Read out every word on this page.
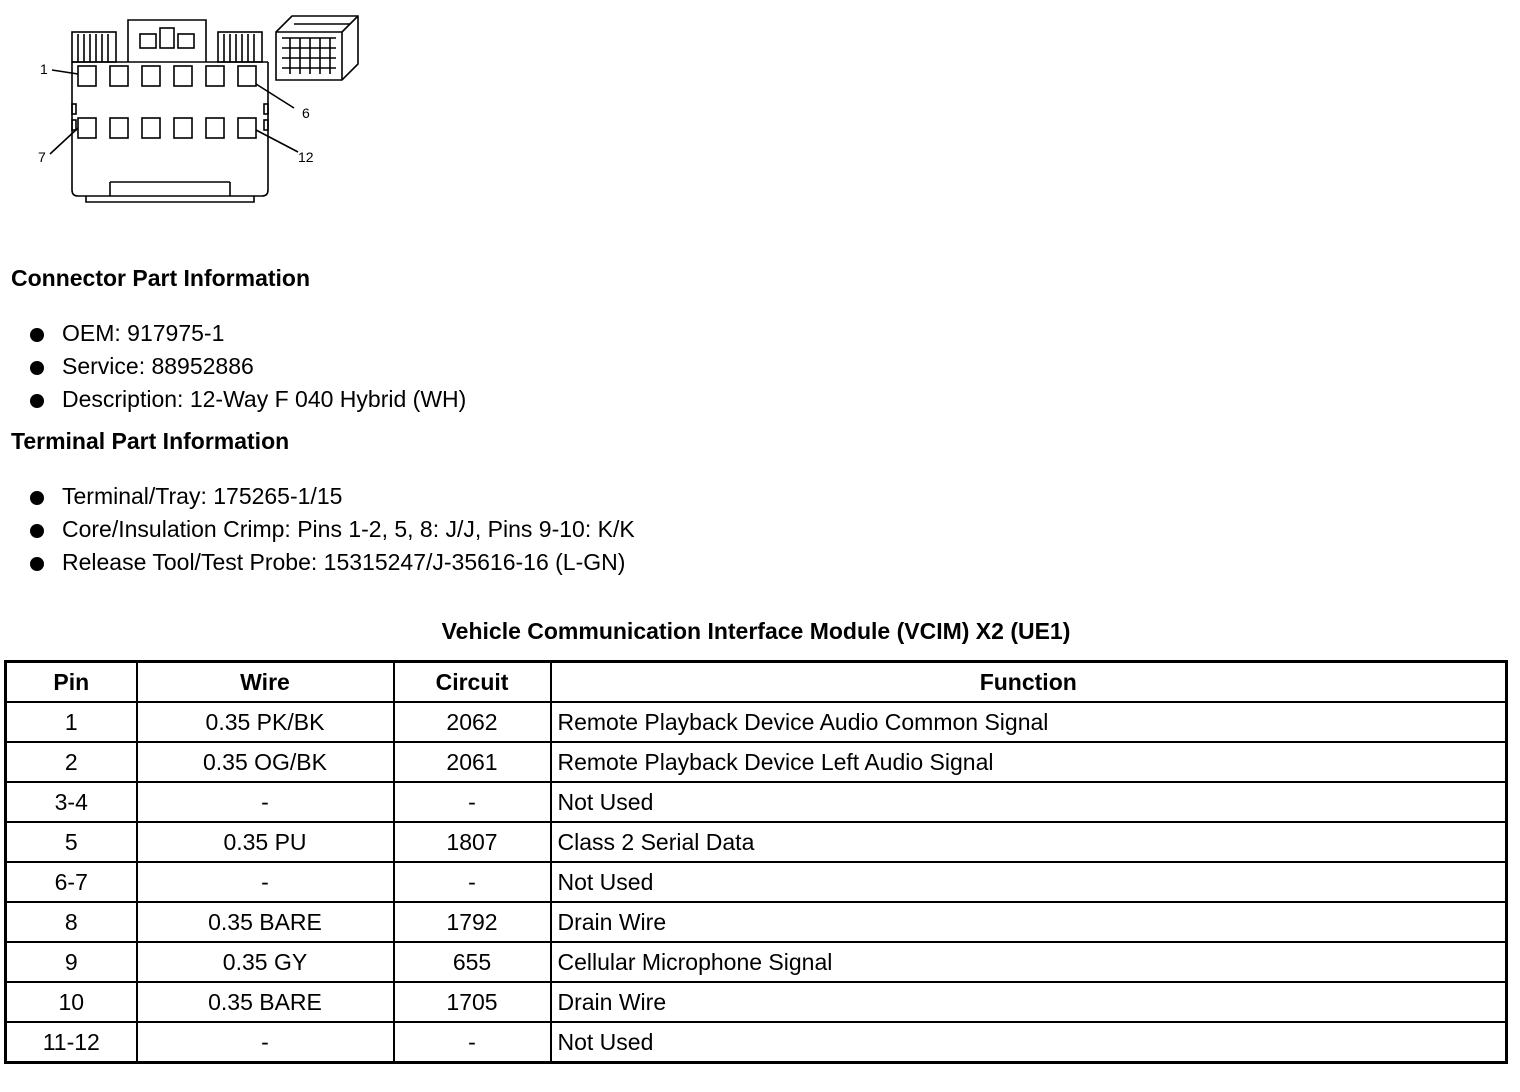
1
6
7	12
Connector Part Information
OEM: 917975-1
Service: 88952886
Description: 12-Way F 040 Hybrid (WH)
Terminal Part Information
Terminal/Tray: 175265-1/15
Core/Insulation Crimp: Pins 1-2, 5, 8: J/J, Pins 9-10: K/K
Release Tool/Test Probe: 15315247/J-35616-16 (L-GN)
Vehicle Communication Interface Module (VCIM) X2 (UE1)
Pin	Wire	Circuit	Function
1	0.35 PK/BK	2062	Remote Playback Device Audio Common Signal
2	0.35 OG/BK	2061	Remote Playback Device Left Audio Signal
3-4	-	-	Not Used
5	0.35 PU	1807	Class 2 Serial Data
6-7	-	-	Not Used
8	0.35 BARE	1792	Drain Wire
9	0.35 GY	655	Cellular Microphone Signal
10	0.35 BARE	1705	Drain Wire
11-12	-	-	Not Used
